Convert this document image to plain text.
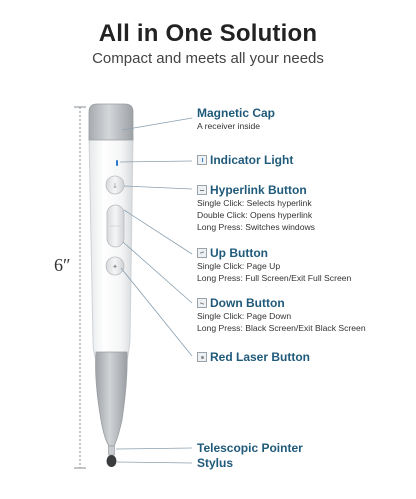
All in One Solution
Compact and meets all your needs
↓
✦
6″
Magnetic Cap
A receiver inside
Indicator Light
Hyperlink Button
Single Click: Selects hyperlink
Double Click: Opens hyperlink
Long Press: Switches windows
Up Button
Single Click: Page Up
Long Press: Full Screen/Exit Full Screen
Down Button
Single Click: Page Down
Long Press: Black Screen/Exit Black Screen
Red Laser Button
Telescopic Pointer
Stylus
